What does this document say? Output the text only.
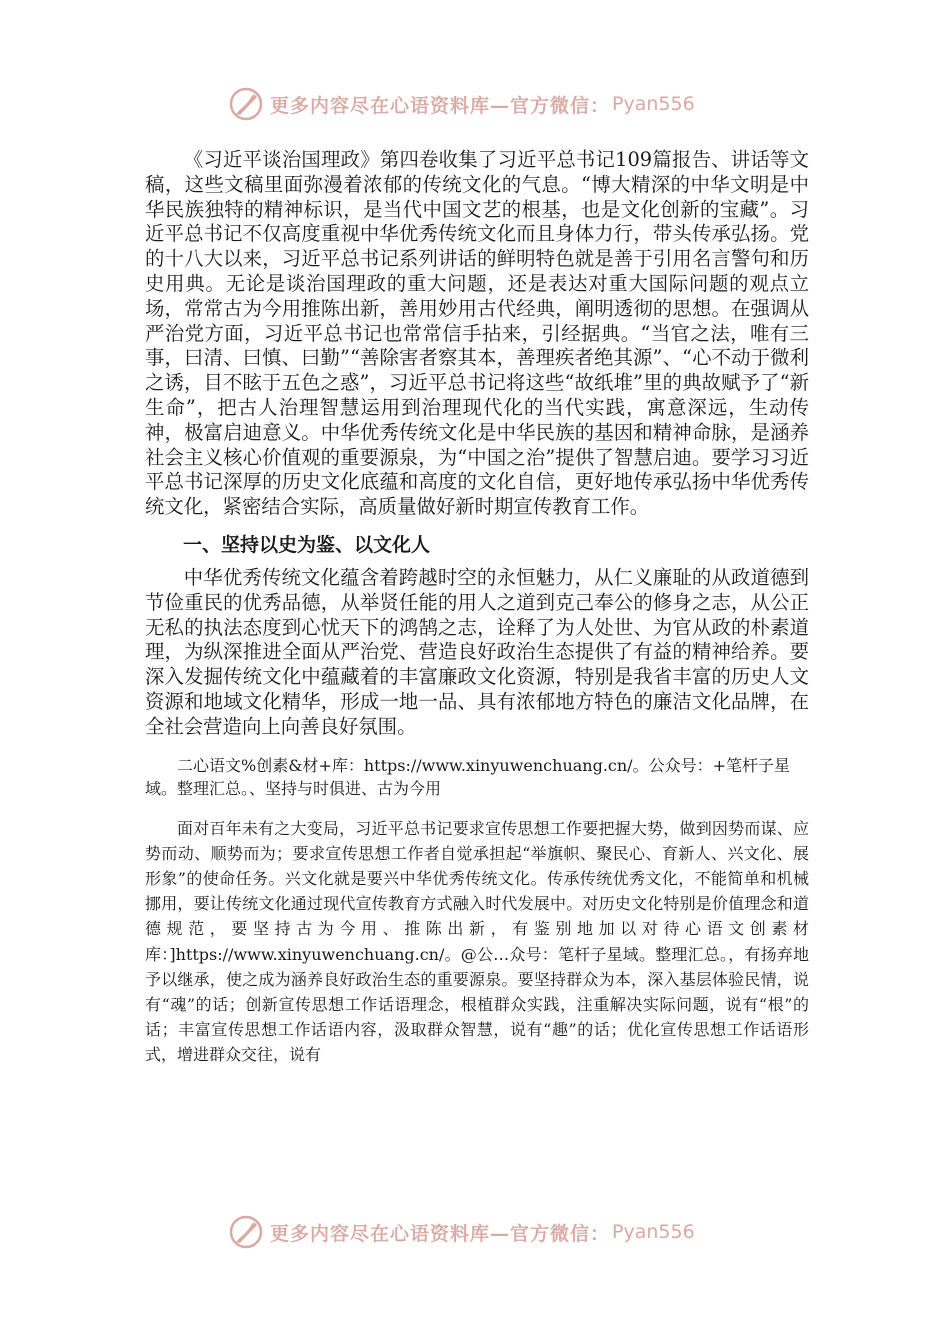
更多内容尽在心语资料库—官方微信： Pyan556

《习近平谈治国理政》第四卷收集了习近平总书记109篇报告、讲话等文稿，这些文稿里面弥漫着浓郁的传统文化的气息。“博大精深的中华文明是中华民族独特的精神标识，是当代中国文艺的根基，也是文化创新的宝藏”。习近平总书记不仅高度重视中华优秀传统文化而且身体力行，带头传承弘扬。党的十八大以来，习近平总书记系列讲话的鲜明特色就是善于引用名言警句和历史用典。无论是谈治国理政的重大问题，还是表达对重大国际问题的观点立场，常常古为今用推陈出新，善用妙用古代经典，阐明透彻的思想。在强调从严治党方面，习近平总书记也常常信手拈来，引经据典。“当官之法，唯有三事，曰清、曰慎、曰勤”“善除害者察其本，善理疾者绝其源”、“心不动于微利之诱，目不眩于五色之惑”，习近平总书记将这些“故纸堆”里的典故赋予了“新生命”，把古人治理智慧运用到治理现代化的当代实践，寓意深远，生动传神，极富启迪意义。中华优秀传统文化是中华民族的基因和精神命脉，是涵养社会主义核心价值观的重要源泉，为“中国之治”提供了智慧启迪。要学习习近平总书记深厚的历史文化底蕴和高度的文化自信，更好地传承弘扬中华优秀传统文化，紧密结合实际，高质量做好新时期宣传教育工作。

一、坚持以史为鉴、以文化人

中华优秀传统文化蕴含着跨越时空的永恒魅力，从仁义廉耻的从政道德到节俭重民的优秀品德，从举贤任能的用人之道到克己奉公的修身之志，从公正无私的执法态度到心忧天下的鸿鹄之志，诠释了为人处世、为官从政的朴素道理，为纵深推进全面从严治党、营造良好政治生态提供了有益的精神给养。要深入发掘传统文化中蕴藏着的丰富廉政文化资源，特别是我省丰富的历史人文资源和地域文化精华，形成一地一品、具有浓郁地方特色的廉洁文化品牌，在全社会营造向上向善良好氛围。

二心语文%创素&材+库：https://www.xinyuwenchuang.cn/。公众号：+笔杆子星域。整理汇总。、坚持与时俱进、古为今用

面对百年未有之大变局，习近平总书记要求宣传思想工作要把握大势，做到因势而谋、应势而动、顺势而为；要求宣传思想工作者自觉承担起“举旗帜、聚民心、育新人、兴文化、展形象”的使命任务。兴文化就是要兴中华优秀传统文化。传承传统优秀文化，不能简单和机械挪用，要让传统文化通过现代宣传教育方式融入时代发展中。对历史文化特别是价值理念和道德规范，要坚持古为今用、推陈出新，有鉴别地加以对待心语文创素材库：]https://www.xinyuwenchuang.cn/。@公…众号：笔杆子星域。整理汇总。，有扬弃地予以继承，使之成为涵养良好政治生态的重要源泉。要坚持群众为本，深入基层体验民情，说有“魂”的话；创新宣传思想工作话语理念，根植群众实践，注重解决实际问题，说有“根”的话；丰富宣传思想工作话语内容，汲取群众智慧，说有“趣”的话；优化宣传思想工作话语形式，增进群众交往，说有

更多内容尽在心语资料库—官方微信： Pyan556
